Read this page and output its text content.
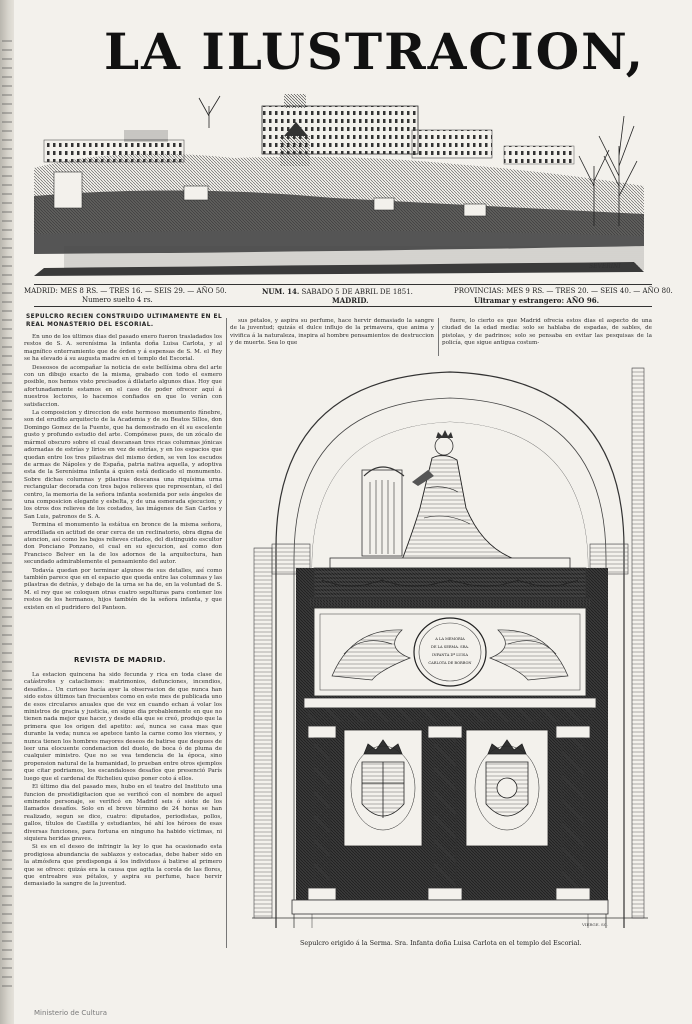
LA ILUSTRACION,
SEVERINI
MADRID: MES 8 RS. — TRES 16. — SEIS 29. — AÑO 50.
Numero suelto 4 rs.
NUM. 14. SABADO 5 DE ABRIL DE 1851.
MADRID.
PROVINCIAS: MES 9 RS. — TRES 20. — SEIS 40. — AÑO 80.
Ultramar y estrangero: AÑO 96.
SEPULCRO RECIEN CONSTRUIDO ULTIMAMENTE EN EL REAL MONASTERIO DEL ESCORIAL.

En uno de los últimos dias del pasado enero fueron trasladados los restos de S. A. serenísima la infanta doña Luisa Carlota, y al magnífico enterramiento que de órden y á espensas de S. M. el Rey se ha elevado á su augusta madre en el templo del Escorial.

Deseosos de acompañar la noticia de este bellísima obra del arte con un dibujo exacto de la misma, grabado con todo el esmero posible, nos hemos visto precisados á dilatarlo algunos dias. Hoy que afortunadamente estamos en el caso de poder ofrecer aquí á nuestros lectores, lo hacemos confiados en que lo verán con satisfaccion.

La composicion y direccion de este hermoso monumento fúnebre, son del erudito arquitecto de la Academia y de su Beatos Sillos, don Domingo Gomez de la Fuente, que ha demostrado en él su escelente gusto y profundo estudio del arte. Compónese pues, de un zócalo de mármol obscuro sobre el cual descansan tres ricas columnas jónicas adornadas de estrías y lirios en vez de estrías, y en los espacios que quedan entre los tres pilastras del mismo órden, se ven los escudos de armas de Nápoles y de España, patria nativa aquella, y adoptiva esta de la Serenísima infanta á quien está dedicado el monumento. Sobre dichas columnas y pilastras descansa una riquísima urna rectangular decorada con tres bajos relieves que representan, el del centro, la memoria de la señora infanta sostenida por seis ángeles de una composicion elegante y esbelta, y de una esmerada ejecucion; y los otros dos relieves de los costados, las imágenes de San Carlos y San Luis, patronos de S. A.

Termina el monumento la estátua en bronce de la misma señora, arrodillada en actitud de orar cerca de un reclinatorio, obra digna de atencion, así como los bajos relieves citados, del distinguido escultor don Ponciano Ponzano, el cual en su ejecucion, así como don Francisco Belver en la de los adornos de la arquitectura, han secundado admirablemente el pensamiento del autor.

Todavía quedan por terminar algunos de sus detalles, así como también parece que en el espacio que queda entre las columnas y las pilastras de detrás, y debajo de la urna se ha de, en la voluntad de S. M. el rey que se coloquen otras cuatro sepulturas para contener los restos de los hermanos, hijos también de la señora infanta, y que existen en el pudridero del Panteon.

REVISTA DE MADRID.

La estacion quincena ha sido fecunda y rica en toda clase de catástrofes y cataclismos: matrimonios, defunciones, incendios, desafíos... Un curioso hacía ayer la observacion de que nunca han sido estos últimos tan frecuentes como en este mes de publicada uno de esos circulares anuales que de vez en cuando echan á volar los ministros de gracia y justicia, en sigue dia probablemente en que no tienen nada mejor que hacer, y desde ella que se creó, produjo que la primera que los origen del apetito: así, nunca se casa mas que durante la veda; nunca se apetece tanto la carne como los viernes, y nunca tienen los hombres mayores deseos de batirse que despues de leer una elocuente condenacion del duelo, de boca ó de pluma de cualquier ministro. Que no se vea tendencia de la época, sino propension natural de la humanidad, lo prueban entre otros ejemplos que citar podriamos, los escandalosos desafíos que presenció París luego que el cardenal de Richelieu quiso poner coto á ellos.

El último dia del pasado mes, hubo en el teatro del Instituto una funcion de prestidigitacion que se verificó con el nombre de aquel eminente personaje, se verificó en Madrid seis ó siete de los llamados desafíos. Solo en el breve término de 24 horas se han realizado, segun se dice, cuatro: diputados, periodistas, pollos, gallos, títulos de Castilla y estudiantes, hé ahí los héroes de esas diversas funciones, para fortuna en ninguno ha habido víctimas, ni siquiera heridas graves.

Si es en el deseo de infringir la ley lo que ha ocasionado esta prodigiosa abundancia de sablazos y estocadas, debe haber sido en la atmósfera que predisponga á los individuos á batirse al primero que se ofrece: quizás era la causa que agita la corola de las flores, que entreabre sus pétalos, y aspira su perfume, hace hervir demasiado la sangre de la juventud.

sus pétalos, y aspira su perfume, hace hervir demasiado la sangre de la juventud; quizás el dulce influjo de la primavera, que anima y vivifica á la naturaleza, inspira al hombre pensamientos de destruccion y de muerte. Sea lo que

fuere, lo cierto es que Madrid ofrecía estos dias el aspecto de una ciudad de la edad media: solo se hablaba de espadas, de sables, de pistolas, y de padrinos; solo se pensaba en evitar las pesquisas de la policía, que sigue antigua costum-

A LA MEMORIA
DE LA SERMA. SRA.
INFANTA Dª LUISA
CARLOTA DE BORBON
VIERGE. SC.
Sepulcro erigido á la Serma. Sra. Infanta doña Luisa Carlota en el templo del Escorial.
Ministerio de Cultura
